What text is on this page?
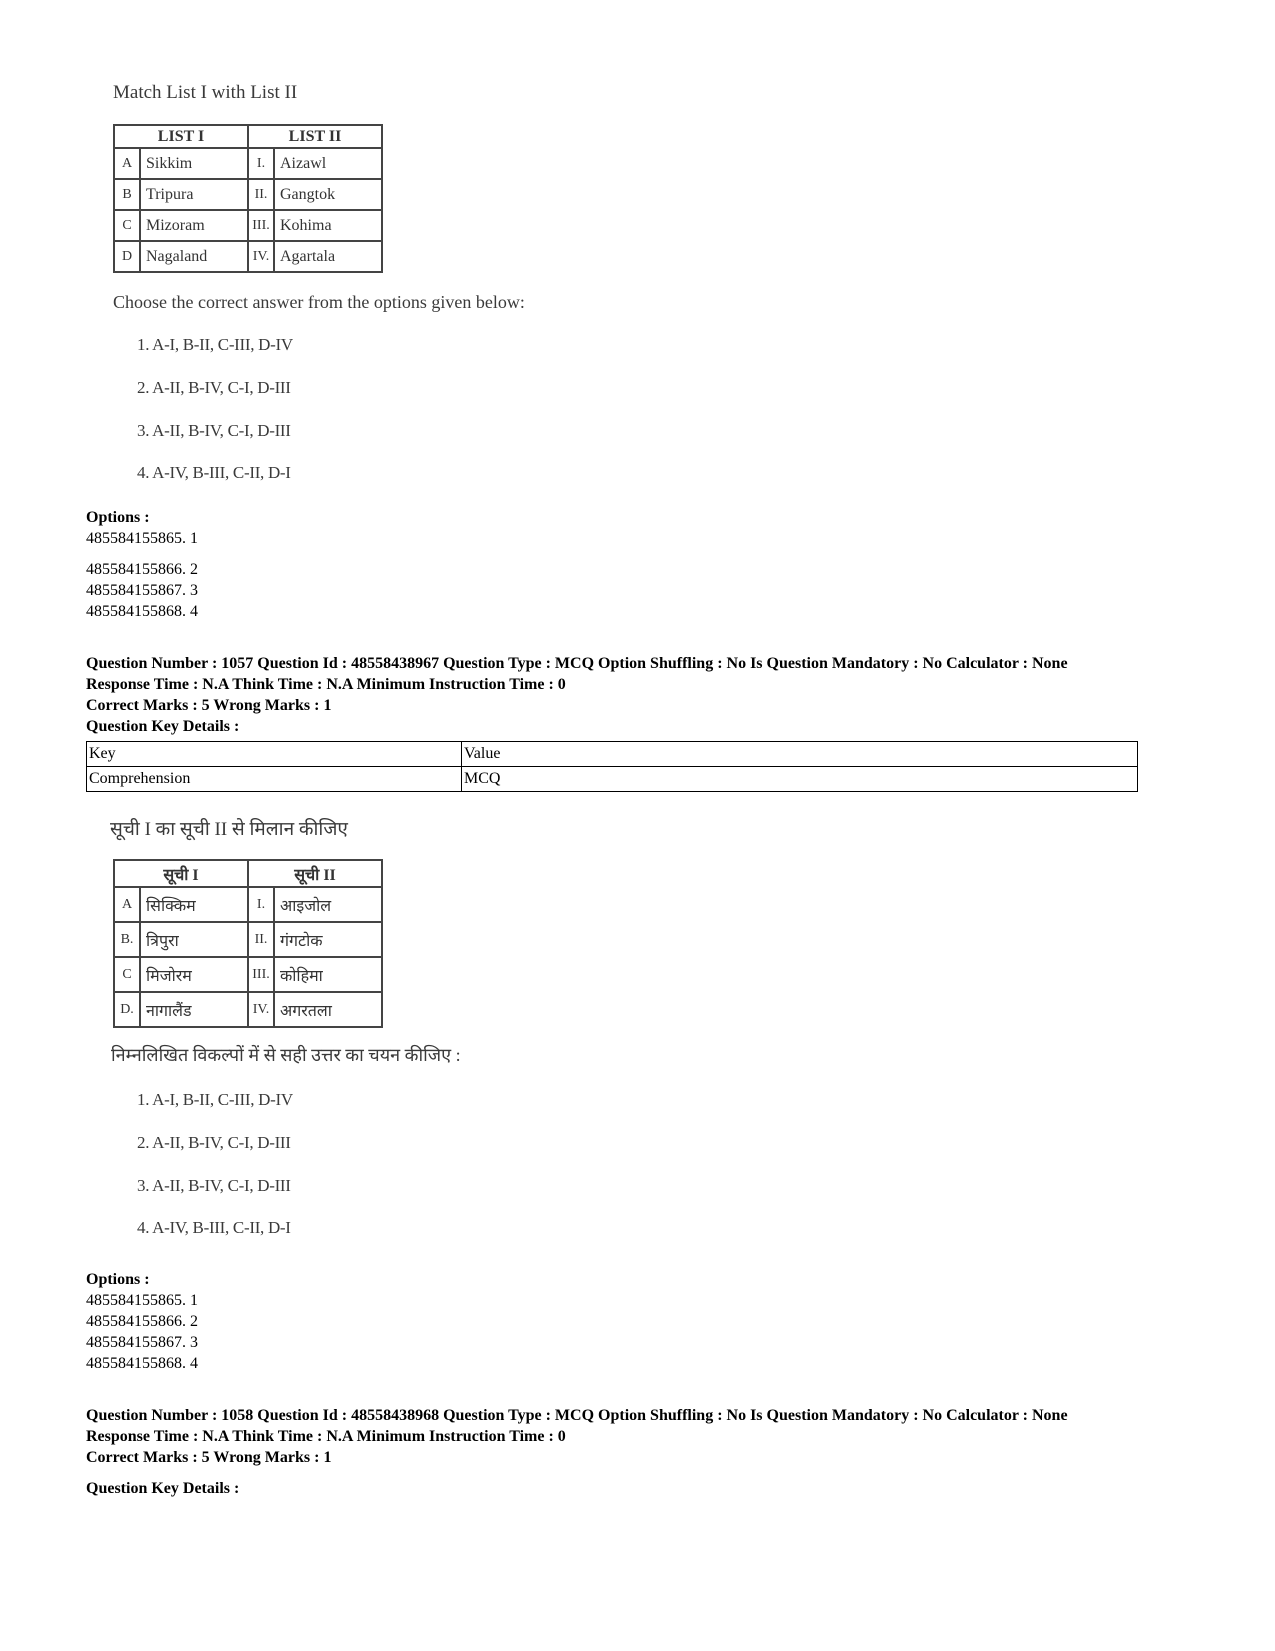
Match List I with List II
LIST I		LIST II	
A	Sikkim	I.	Aizawl
B	Tripura	II.	Gangtok
C	Mizoram	III.	Kohima
D	Nagaland	IV.	Agartala
Choose the correct answer from the options given below:
1. A-I, B-II, C-III, D-IV
2. A-II, B-IV, C-I, D-III
3. A-II, B-IV, C-I, D-III
4. A-IV, B-III, C-II, D-I
Options :
485584155865. 1
485584155866. 2
485584155867. 3
485584155868. 4
Question Number : 1057 Question Id : 48558438967 Question Type : MCQ Option Shuffling : No Is Question Mandatory : No Calculator : None
Response Time : N.A Think Time : N.A Minimum Instruction Time : 0
Correct Marks : 5 Wrong Marks : 1
Question Key Details :
Key	Value
Comprehension	MCQ
सूची I का सूची II से मिलान कीजिए
सूची I		सूची II	
A	सिक्किम	I.	आइजोल
B.	त्रिपुरा	II.	गंगटोक
C	मिजोरम	III.	कोहिमा
D.	नागालैंड	IV.	अगरतला
निम्नलिखित विकल्पों में से सही उत्तर का चयन कीजिए :
1. A-I, B-II, C-III, D-IV
2. A-II, B-IV, C-I, D-III
3. A-II, B-IV, C-I, D-III
4. A-IV, B-III, C-II, D-I
Options :
485584155865. 1
485584155866. 2
485584155867. 3
485584155868. 4
Question Number : 1058 Question Id : 48558438968 Question Type : MCQ Option Shuffling : No Is Question Mandatory : No Calculator : None
Response Time : N.A Think Time : N.A Minimum Instruction Time : 0
Correct Marks : 5 Wrong Marks : 1
Question Key Details :
